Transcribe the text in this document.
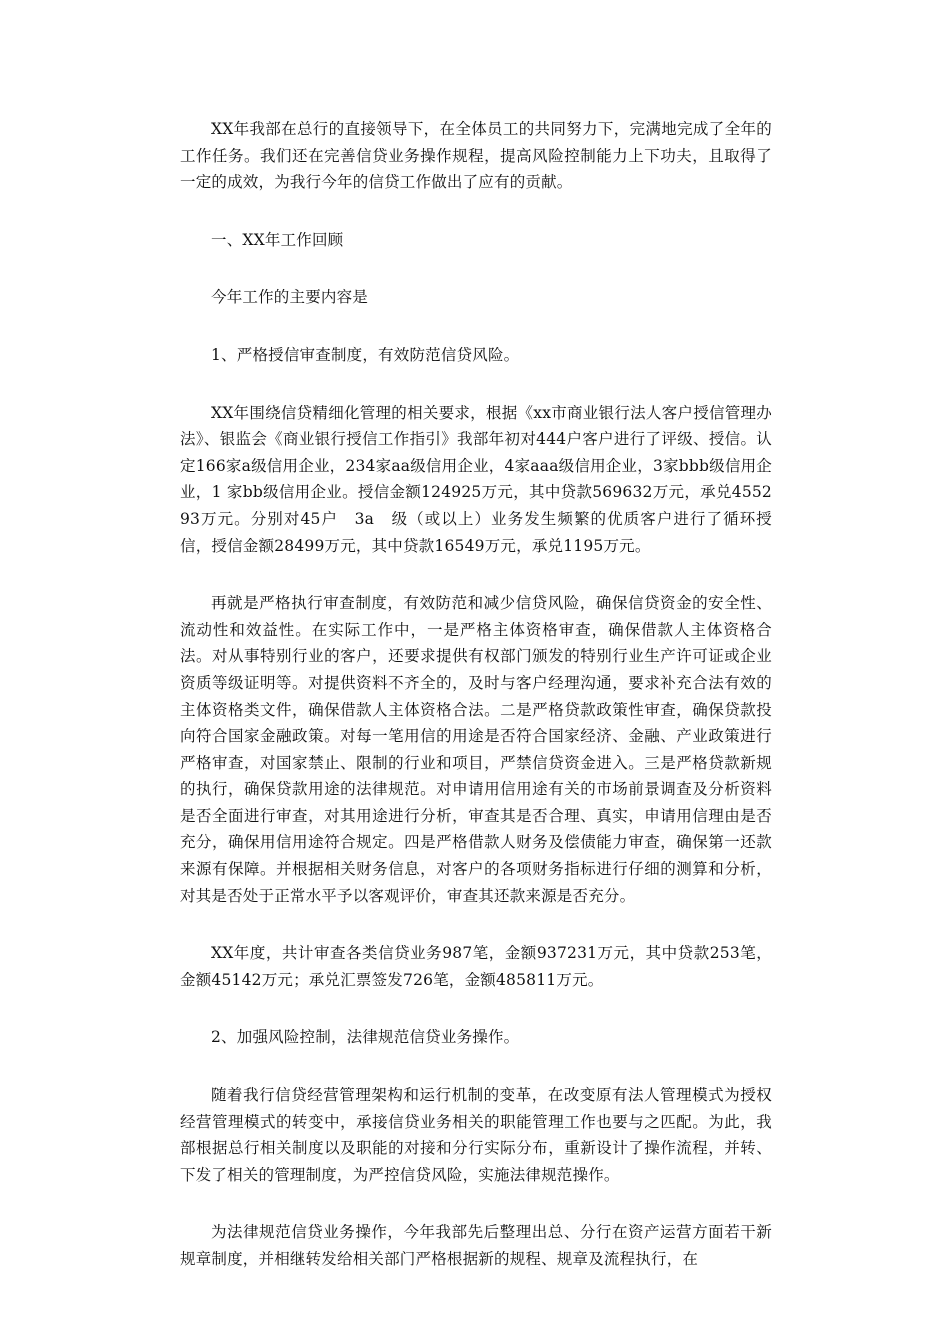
XX年我部在总行的直接领导下，在全体员工的共同努力下，完满地完成了全年的工作任务。我们还在完善信贷业务操作规程，提高风险控制能力上下功夫，且取得了一定的成效，为我行今年的信贷工作做出了应有的贡献。

一、XX年工作回顾

今年工作的主要内容是

1、严格授信审查制度，有效防范信贷风险。

XX年围绕信贷精细化管理的相关要求，根据《xx市商业银行法人客户授信管理办法》、银监会《商业银行授信工作指引》我部年初对444户客户进行了评级、授信。认定166家a级信用企业，234家aa级信用企业，4家aaa级信用企业，3家bbb级信用企业，1 家bb级信用企业。授信金额124925万元，其中贷款569632万元，承兑455293万元。分别对45户　3a　级（或以上）业务发生频繁的优质客户进行了循环授信，授信金额28499万元，其中贷款16549万元，承兑1195万元。

再就是严格执行审查制度，有效防范和减少信贷风险，确保信贷资金的安全性、流动性和效益性。在实际工作中，一是严格主体资格审查，确保借款人主体资格合法。对从事特别行业的客户，还要求提供有权部门颁发的特别行业生产许可证或企业资质等级证明等。对提供资料不齐全的，及时与客户经理沟通，要求补充合法有效的主体资格类文件，确保借款人主体资格合法。二是严格贷款政策性审查，确保贷款投向符合国家金融政策。对每一笔用信的用途是否符合国家经济、金融、产业政策进行严格审查，对国家禁止、限制的行业和项目，严禁信贷资金进入。三是严格贷款新规的执行，确保贷款用途的法律规范。对申请用信用途有关的市场前景调查及分析资料是否全面进行审查，对其用途进行分析，审查其是否合理、真实，申请用信理由是否充分，确保用信用途符合规定。四是严格借款人财务及偿债能力审查，确保第一还款来源有保障。并根据相关财务信息，对客户的各项财务指标进行仔细的测算和分析，对其是否处于正常水平予以客观评价，审查其还款来源是否充分。

XX年度，共计审查各类信贷业务987笔，金额937231万元，其中贷款253笔，金额45142万元；承兑汇票签发726笔，金额485811万元。

2、加强风险控制，法律规范信贷业务操作。

随着我行信贷经营管理架构和运行机制的变革，在改变原有法人管理模式为授权经营管理模式的转变中，承接信贷业务相关的职能管理工作也要与之匹配。为此，我部根据总行相关制度以及职能的对接和分行实际分布，重新设计了操作流程，并转、下发了相关的管理制度，为严控信贷风险，实施法律规范操作。

为法律规范信贷业务操作，今年我部先后整理出总、分行在资产运营方面若干新规章制度，并相继转发给相关部门严格根据新的规程、规章及流程执行，在
